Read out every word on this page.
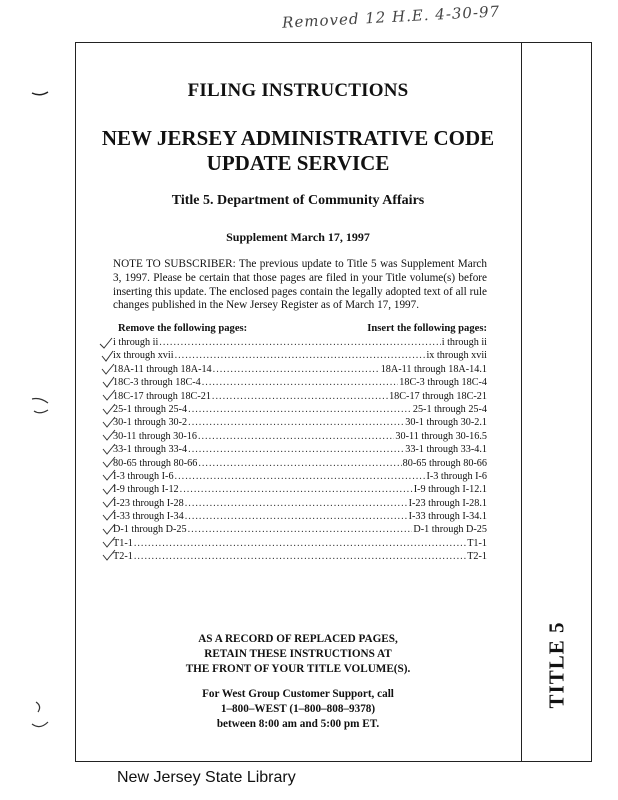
Removed 12 H.E. 4-30-97
FILING INSTRUCTIONS
NEW JERSEY ADMINISTRATIVE CODE
UPDATE SERVICE
Title 5. Department of Community Affairs
Supplement March 17, 1997
NOTE TO SUBSCRIBER: The previous update to Title 5 was Supplement March 3, 1997. Please be certain that those pages are filed in your Title volume(s) before inserting this update. The enclosed pages contain the legally adopted text of all rule changes published in the New Jersey Register as of March 17, 1997.
Remove the following pages:	Insert the following pages:
i through ii .....	i through ii
ix through xvii .....	ix through xvii
18A-11 through 18A-14 .....	18A-11 through 18A-14.1
18C-3 through 18C-4 .....	18C-3 through 18C-4
18C-17 through 18C-21 .....	18C-17 through 18C-21
25-1 through 25-4 .....	25-1 through 25-4
30-1 through 30-2 .....	30-1 through 30-2.1
30-11 through 30-16 .....	30-11 through 30-16.5
33-1 through 33-4 .....	33-1 through 33-4.1
80-65 through 80-66 .....	80-65 through 80-66
I-3 through I-6 .....	I-3 through I-6
I-9 through I-12 .....	I-9 through I-12.1
I-23 through I-28 .....	I-23 through I-28.1
I-33 through I-34 .....	I-33 through I-34.1
D-1 through D-25 .....	D-1 through D-25
T1-1 .....	T1-1
T2-1 .....	T2-1
AS A RECORD OF REPLACED PAGES,
RETAIN THESE INSTRUCTIONS AT
THE FRONT OF YOUR TITLE VOLUME(S).
For West Group Customer Support, call
1–800–WEST (1–800–808–9378)
between 8:00 am and 5:00 pm ET.
TITLE 5
New Jersey State Library
